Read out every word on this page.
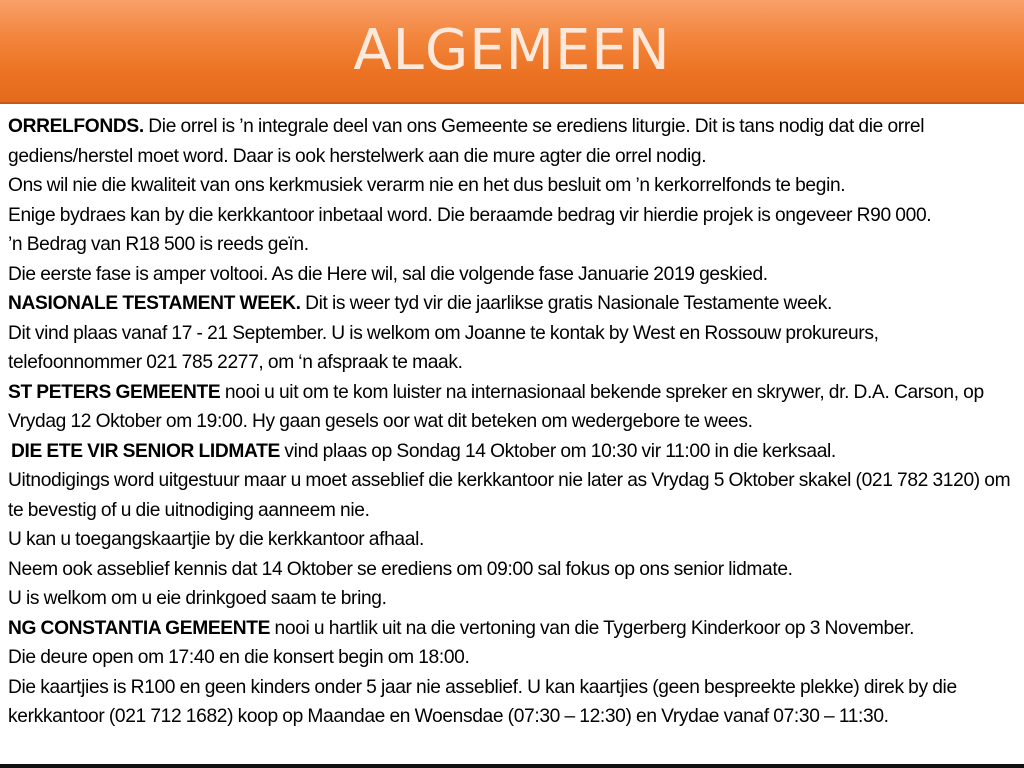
ALGEMEEN

ORRELFONDS. Die orrel is ’n integrale deel van ons Gemeente se erediens liturgie. Dit is tans nodig dat die orrel gediens/herstel moet word. Daar is ook herstelwerk aan die mure agter die orrel nodig.

Ons wil nie die kwaliteit van ons kerkmusiek verarm nie en het dus besluit om ’n kerkorrelfonds te begin.

Enige bydraes kan by die kerkkantoor inbetaal word. Die beraamde bedrag vir hierdie projek is ongeveer R90 000.

’n Bedrag van R18 500 is reeds geïn.

Die eerste fase is amper voltooi. As die Here wil, sal die volgende fase Januarie 2019 geskied.

NASIONALE TESTAMENT WEEK. Dit is weer tyd vir die jaarlikse gratis Nasionale Testamente week.

Dit vind plaas vanaf 17 - 21 September. U is welkom om Joanne te kontak by West en Rossouw prokureurs, telefoonnommer 021 785 2277, om ‘n afspraak te maak.

ST PETERS GEMEENTE nooi u uit om te kom luister na internasionaal bekende spreker en skrywer, dr. D.A. Carson, op Vrydag 12 Oktober om 19:00. Hy gaan gesels oor wat dit beteken om wedergebore te wees.

DIE ETE VIR SENIOR LIDMATE vind plaas op Sondag 14 Oktober om 10:30 vir 11:00 in die kerksaal.

Uitnodigings word uitgestuur maar u moet asseblief die kerkkantoor nie later as Vrydag 5 Oktober skakel (021 782 3120) om te bevestig of u die uitnodiging aanneem nie.

U kan u toegangskaartjie by die kerkkantoor afhaal.

Neem ook asseblief kennis dat 14 Oktober se erediens om 09:00 sal fokus op ons senior lidmate.

U is welkom om u eie drinkgoed saam te bring.

NG CONSTANTIA GEMEENTE nooi u hartlik uit na die vertoning van die Tygerberg Kinderkoor op 3 November.

Die deure open om 17:40 en die konsert begin om 18:00.

Die kaartjies is R100 en geen kinders onder 5 jaar nie asseblief. U kan kaartjies (geen bespreekte plekke) direk by die kerkkantoor (021 712 1682) koop op Maandae en Woensdae (07:30 – 12:30) en Vrydae vanaf 07:30 – 11:30.
